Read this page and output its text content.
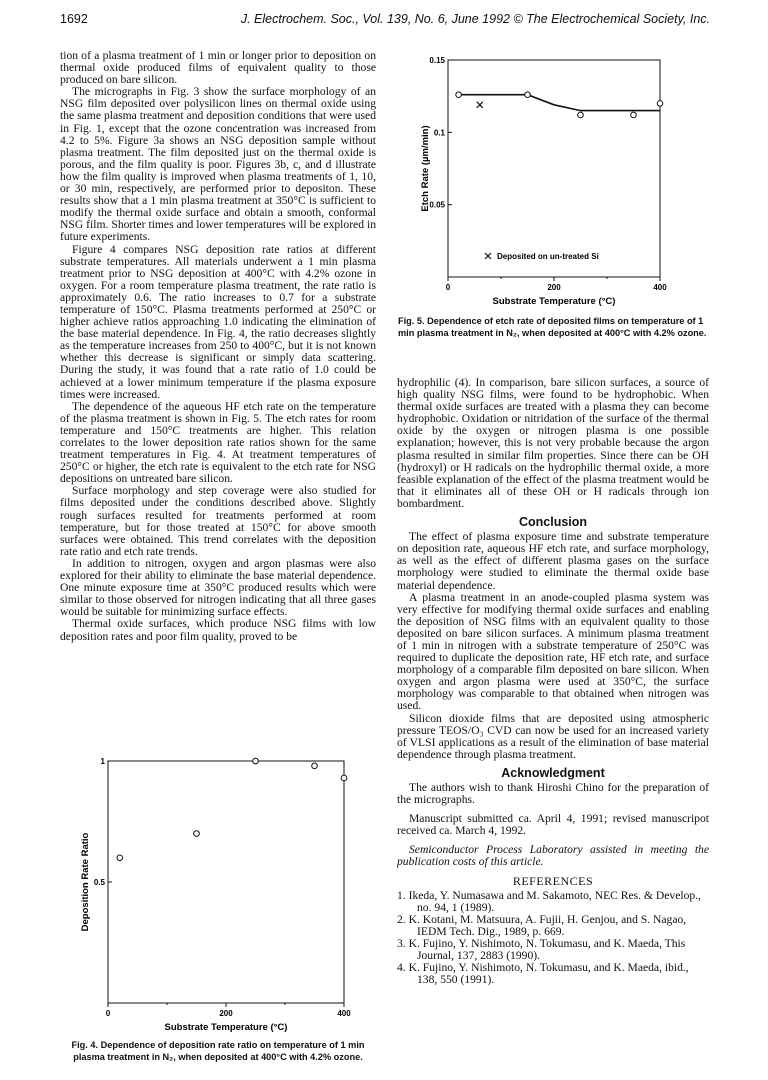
1692	J. Electrochem. Soc., Vol. 139, No. 6, June 1992 © The Electrochemical Society, Inc.

tion of a plasma treatment of 1 min or longer prior to deposition on thermal oxide produced films of equivalent quality to those produced on bare silicon.

The micrographs in Fig. 3 show the surface morphology of an NSG film deposited over polysilicon lines on thermal oxide using the same plasma treatment and deposition conditions that were used in Fig. 1, except that the ozone concentration was increased from 4.2 to 5%. Figure 3a shows an NSG deposition sample without plasma treatment. The film deposited just on the thermal oxide is porous, and the film quality is poor. Figures 3b, c, and d illustrate how the film quality is improved when plasma treatments of 1, 10, or 30 min, respectively, are performed prior to depositon. These results show that a 1 min plasma treatment at 350°C is sufficient to modify the thermal oxide surface and obtain a smooth, conformal NSG film. Shorter times and lower temperatures will be explored in future experiments.

Figure 4 compares NSG deposition rate ratios at different substrate temperatures. All materials underwent a 1 min plasma treatment prior to NSG deposition at 400°C with 4.2% ozone in oxygen. For a room temperature plasma treatment, the rate ratio is approximately 0.6. The ratio increases to 0.7 for a substrate temperature of 150°C. Plasma treatments performed at 250°C or higher achieve ratios approaching 1.0 indicating the elimination of the base material dependence. In Fig. 4, the ratio decreases slightly as the temperature increases from 250 to 400°C, but it is not known whether this decrease is significant or simply data scattering. During the study, it was found that a rate ratio of 1.0 could be achieved at a lower minimum temperature if the plasma exposure times were increased.

The dependence of the aqueous HF etch rate on the temperature of the plasma treatment is shown in Fig. 5. The etch rates for room temperature and 150°C treatments are higher. This relation correlates to the lower deposition rate ratios shown for the same treatment temperatures in Fig. 4. At treatment temperatures of 250°C or higher, the etch rate is equivalent to the etch rate for NSG depositions on untreated bare silicon.

Surface morphology and step coverage were also studied for films deposited under the conditions described above. Slightly rough surfaces resulted for treatments performed at room temperature, but for those treated at 150°C for above smooth surfaces were obtained. This trend correlates with the deposition rate ratio and etch rate trends.

In addition to nitrogen, oxygen and argon plasmas were also explored for their ability to eliminate the base material dependence. One minute exposure time at 350°C produced results which were similar to those observed for nitrogen indicating that all three gases would be suitable for minimizing surface effects.

Thermal oxide surfaces, which produce NSG films with low deposition rates and poor film quality, proved to be

0	200	400
0.05
0.1
0.15
Substrate Temperature (°C)
Etch Rate (µm/min)
Deposited on un-treated Si
Fig. 5. Dependence of etch rate of deposited films on temperature of 1 min plasma treatment in N₂, when deposited at 400°C with 4.2% ozone.
0	200	400
0.5
1
Substrate Temperature (°C)
Deposition Rate Ratio
Fig. 4. Dependence of deposition rate ratio on temperature of 1 min plasma treatment in N₂, when deposited at 400°C with 4.2% ozone.

hydrophilic (4). In comparison, bare silicon surfaces, a source of high quality NSG films, were found to be hydrophobic. When thermal oxide surfaces are treated with a plasma they can become hydrophobic. Oxidation or nitridation of the surface of the thermal oxide by the oxygen or nitrogen plasma is one possible explanation; however, this is not very probable because the argon plasma resulted in similar film properties. Since there can be OH (hydroxyl) or H radicals on the hydrophilic thermal oxide, a more feasible explanation of the effect of the plasma treatment would be that it eliminates all of these OH or H radicals through ion bombardment.

Conclusion

The effect of plasma exposure time and substrate temperature on deposition rate, aqueous HF etch rate, and surface morphology, as well as the effect of different plasma gases on the surface morphology were studied to eliminate the thermal oxide base material dependence.

A plasma treatment in an anode-coupled plasma system was very effective for modifying thermal oxide surfaces and enabling the deposition of NSG films with an equivalent quality to those deposited on bare silicon surfaces. A minimum plasma treatment of 1 min in nitrogen with a substrate temperature of 250°C was required to duplicate the deposition rate, HF etch rate, and surface morphology of a comparable film deposited on bare silicon. When oxygen and argon plasma were used at 350°C, the surface morphology was comparable to that obtained when nitrogen was used.

Silicon dioxide films that are deposited using atmospheric pressure TEOS/O₃ CVD can now be used for an increased variety of VLSI applications as a result of the elimination of base material dependence through plasma treatment.

Acknowledgment

The authors wish to thank Hiroshi Chino for the preparation of the micrographs.

Manuscript submitted ca. April 4, 1991; revised manuscripot received ca. March 4, 1992.

Semiconductor Process Laboratory assisted in meeting the publication costs of this article.

REFERENCES
1. Ikeda, Y. Numasawa and M. Sakamoto, NEC Res. & Develop., no. 94, 1 (1989).
2. K. Kotani, M. Matsuura, A. Fujii, H. Genjou, and S. Nagao, IEDM Tech. Dig., 1989, p. 669.
3. K. Fujino, Y. Nishimoto, N. Tokumasu, and K. Maeda, This Journal, 137, 2883 (1990).
4. K. Fujino, Y. Nishimoto, N. Tokumasu, and K. Maeda, ibid., 138, 550 (1991).
